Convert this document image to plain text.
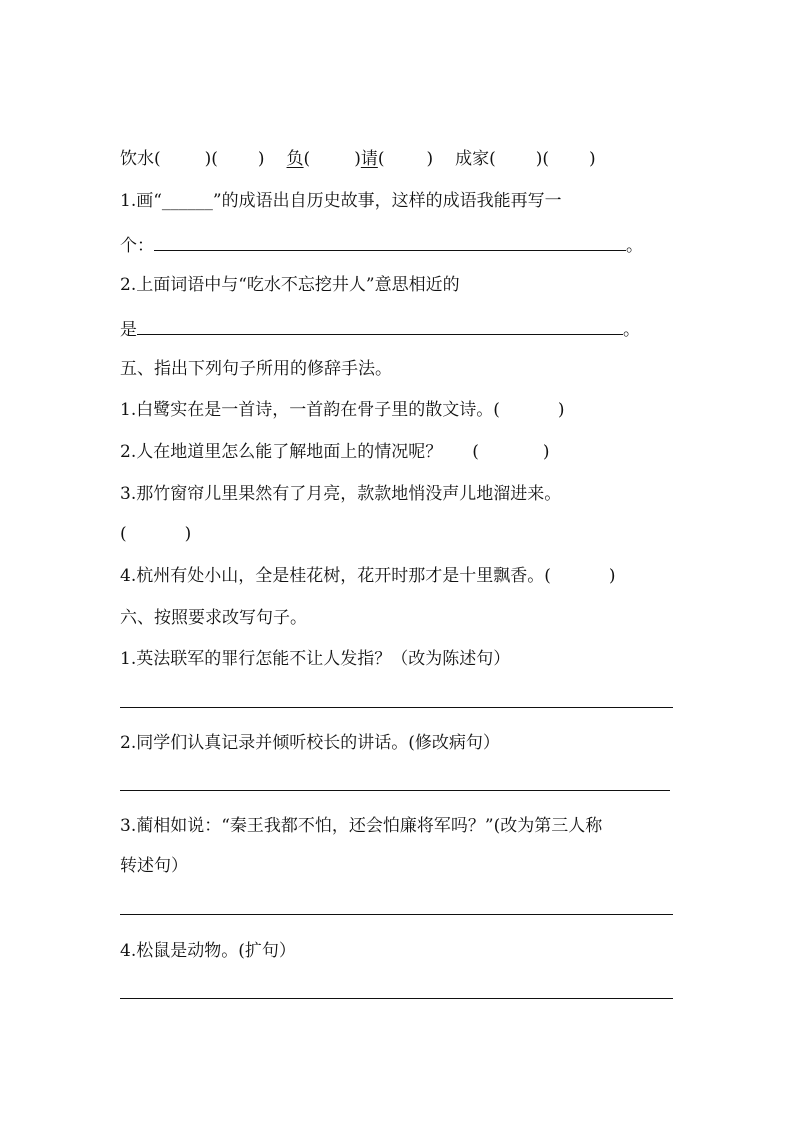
饮水(	)( ) 负(	)请( ) 成家( )( )
1.画“______”的成语出自历史故事，这样的成语我能再写一
个：	。
2.上面词语中与“吃水不忘挖井人”意思相近的
是	。
五、指出下列句子所用的修辞手法。
1.白鹭实在是一首诗，一首韵在骨子里的散文诗。(	)
2.人在地道里怎么能了解地面上的情况呢？ (	)
3.那竹窗帘儿里果然有了月亮，款款地悄没声儿地溜进来。
(	)
4.杭州有处小山，全是桂花树，花开时那才是十里飘香。(	)
六、按照要求改写句子。
1.英法联军的罪行怎能不让人发指？（改为陈述句）
2.同学们认真记录并倾听校长的讲话。(修改病句）
3.蔺相如说：“秦王我都不怕，还会怕廉将军吗？”(改为第三人称
转述句）
4.松鼠是动物。(扩句）
